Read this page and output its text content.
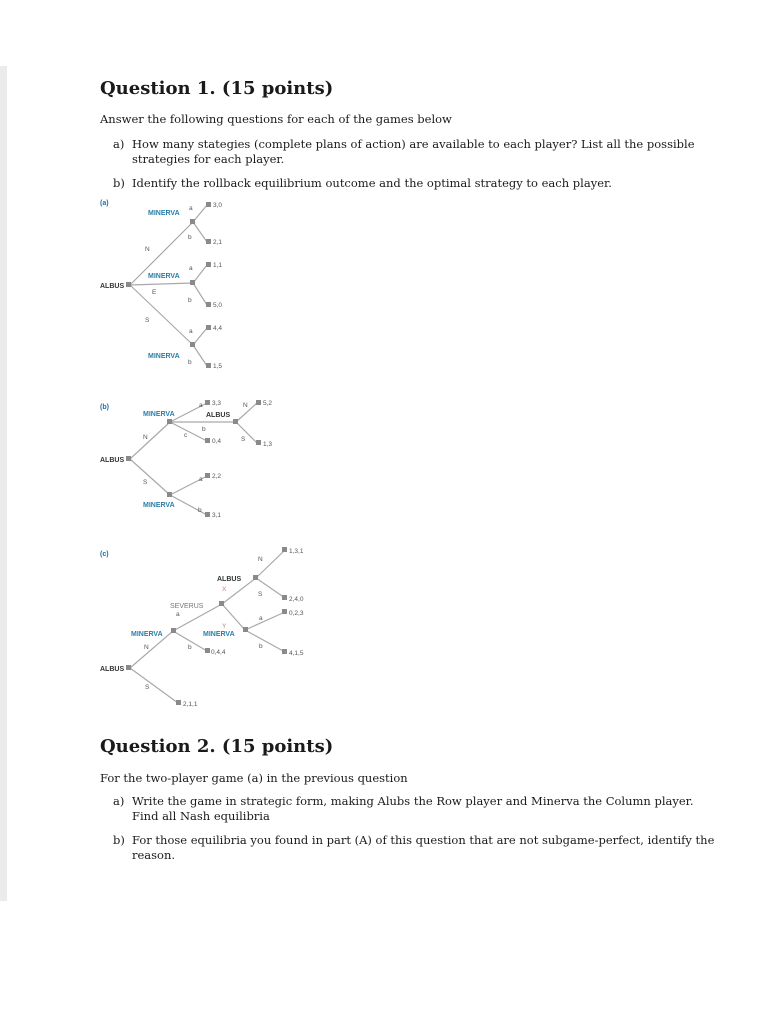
Question 1. (15 points)
Answer the following questions for each of the games below
a) How many stategies (complete plans of action) are available to each player? List all the possible strategies for each player.
b) Identify the rollback equilibrium outcome and the optimal strategy to each player.
(a)
ALBUS
MINERVA
MINERVA
MINERVA
N
E
S
a
b
a
b
a
b
3,0
2,1
1,1
5,0
4,4
1,5
(b)
ALBUS
MINERVA	ALBUS
MINERVA
N
S
a
b
c
N
S
a
b
3,3	5,2
0,4	1,3
2,2
3,1
(c)
ALBUS
MINERVA
SEVERUS
ALBUS
MINERVA
N
S
a
b
X
Y
N
S
a
b
1,3,1
2,4,0
0,2,3
0,4,4	4,1,5
2,1,1
Question 2. (15 points)
For the two-player game (a) in the previous question
a) Write the game in strategic form, making Alubs the Row player and Minerva the Column player. Find all Nash equilibria
b) For those equilibria you found in part (A) of this question that are not subgame-perfect, identify the reason.
